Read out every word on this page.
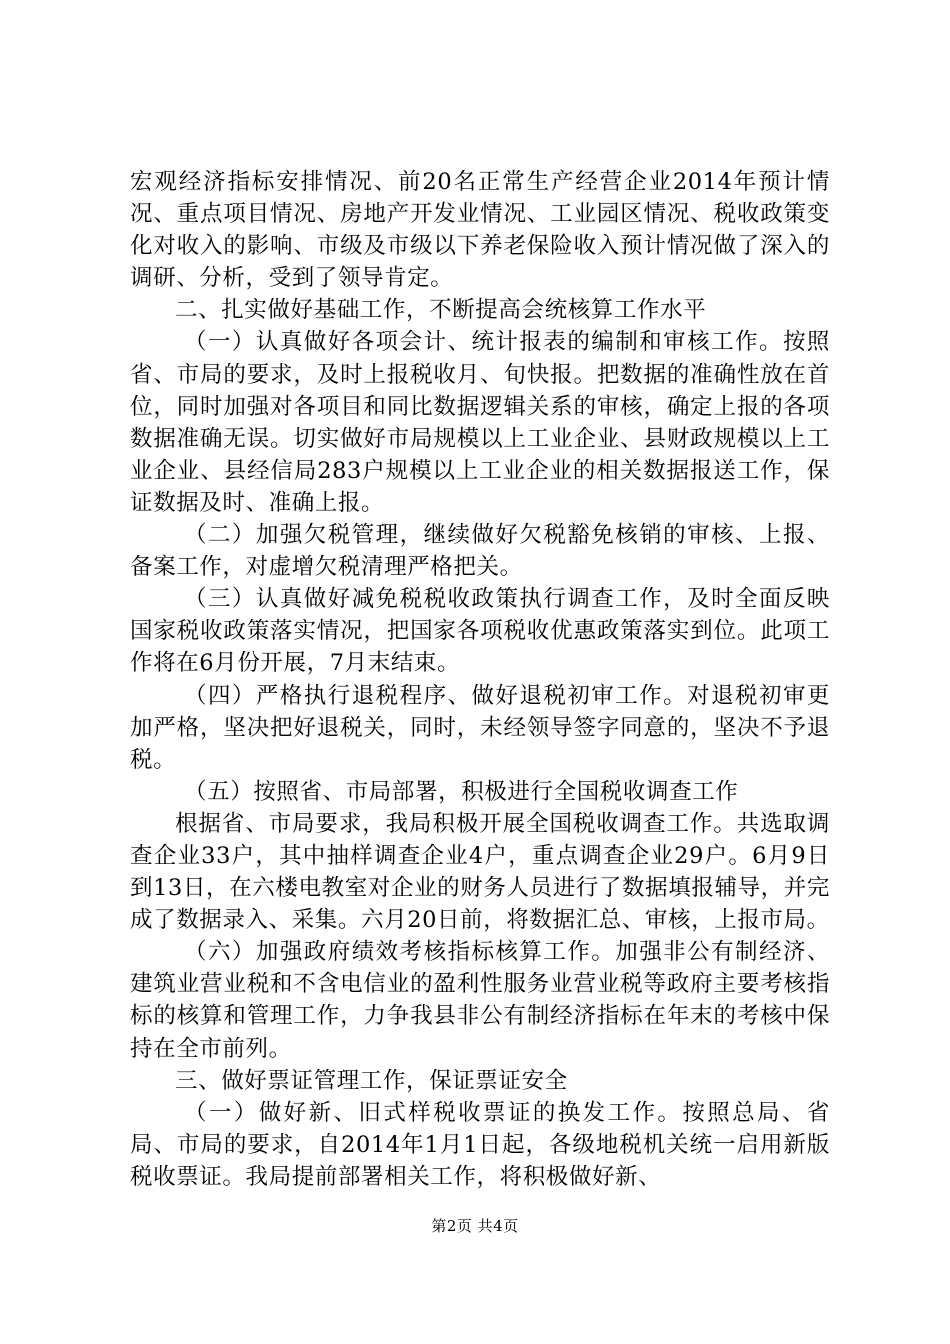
宏观经济指标安排情况、前20名正常生产经营企业2014年预计情况、重点项目情况、房地产开发业情况、工业园区情况、税收政策变化对收入的影响、市级及市级以下养老保险收入预计情况做了深入的调研、分析，受到了领导肯定。

二、扎实做好基础工作，不断提高会统核算工作水平

（一）认真做好各项会计、统计报表的编制和审核工作。按照省、市局的要求，及时上报税收月、旬快报。把数据的准确性放在首位，同时加强对各项目和同比数据逻辑关系的审核，确定上报的各项数据准确无误。切实做好市局规模以上工业企业、县财政规模以上工业企业、县经信局283户规模以上工业企业的相关数据报送工作，保证数据及时、准确上报。

（二）加强欠税管理，继续做好欠税豁免核销的审核、上报、备案工作，对虚增欠税清理严格把关。

（三）认真做好减免税税收政策执行调查工作，及时全面反映国家税收政策落实情况，把国家各项税收优惠政策落实到位。此项工作将在6月份开展，7月末结束。

（四）严格执行退税程序、做好退税初审工作。对退税初审更加严格，坚决把好退税关，同时，未经领导签字同意的，坚决不予退税。

（五）按照省、市局部署，积极进行全国税收调查工作

根据省、市局要求，我局积极开展全国税收调查工作。共选取调查企业33户，其中抽样调查企业4户，重点调查企业29户。6月9日到13日，在六楼电教室对企业的财务人员进行了数据填报辅导，并完成了数据录入、采集。六月20日前，将数据汇总、审核，上报市局。

（六）加强政府绩效考核指标核算工作。加强非公有制经济、建筑业营业税和不含电信业的盈利性服务业营业税等政府主要考核指标的核算和管理工作，力争我县非公有制经济指标在年末的考核中保持在全市前列。

三、做好票证管理工作，保证票证安全

（一）做好新、旧式样税收票证的换发工作。按照总局、省局、市局的要求，自2014年1月1日起，各级地税机关统一启用新版税收票证。我局提前部署相关工作，将积极做好新、

第2页 共4页
